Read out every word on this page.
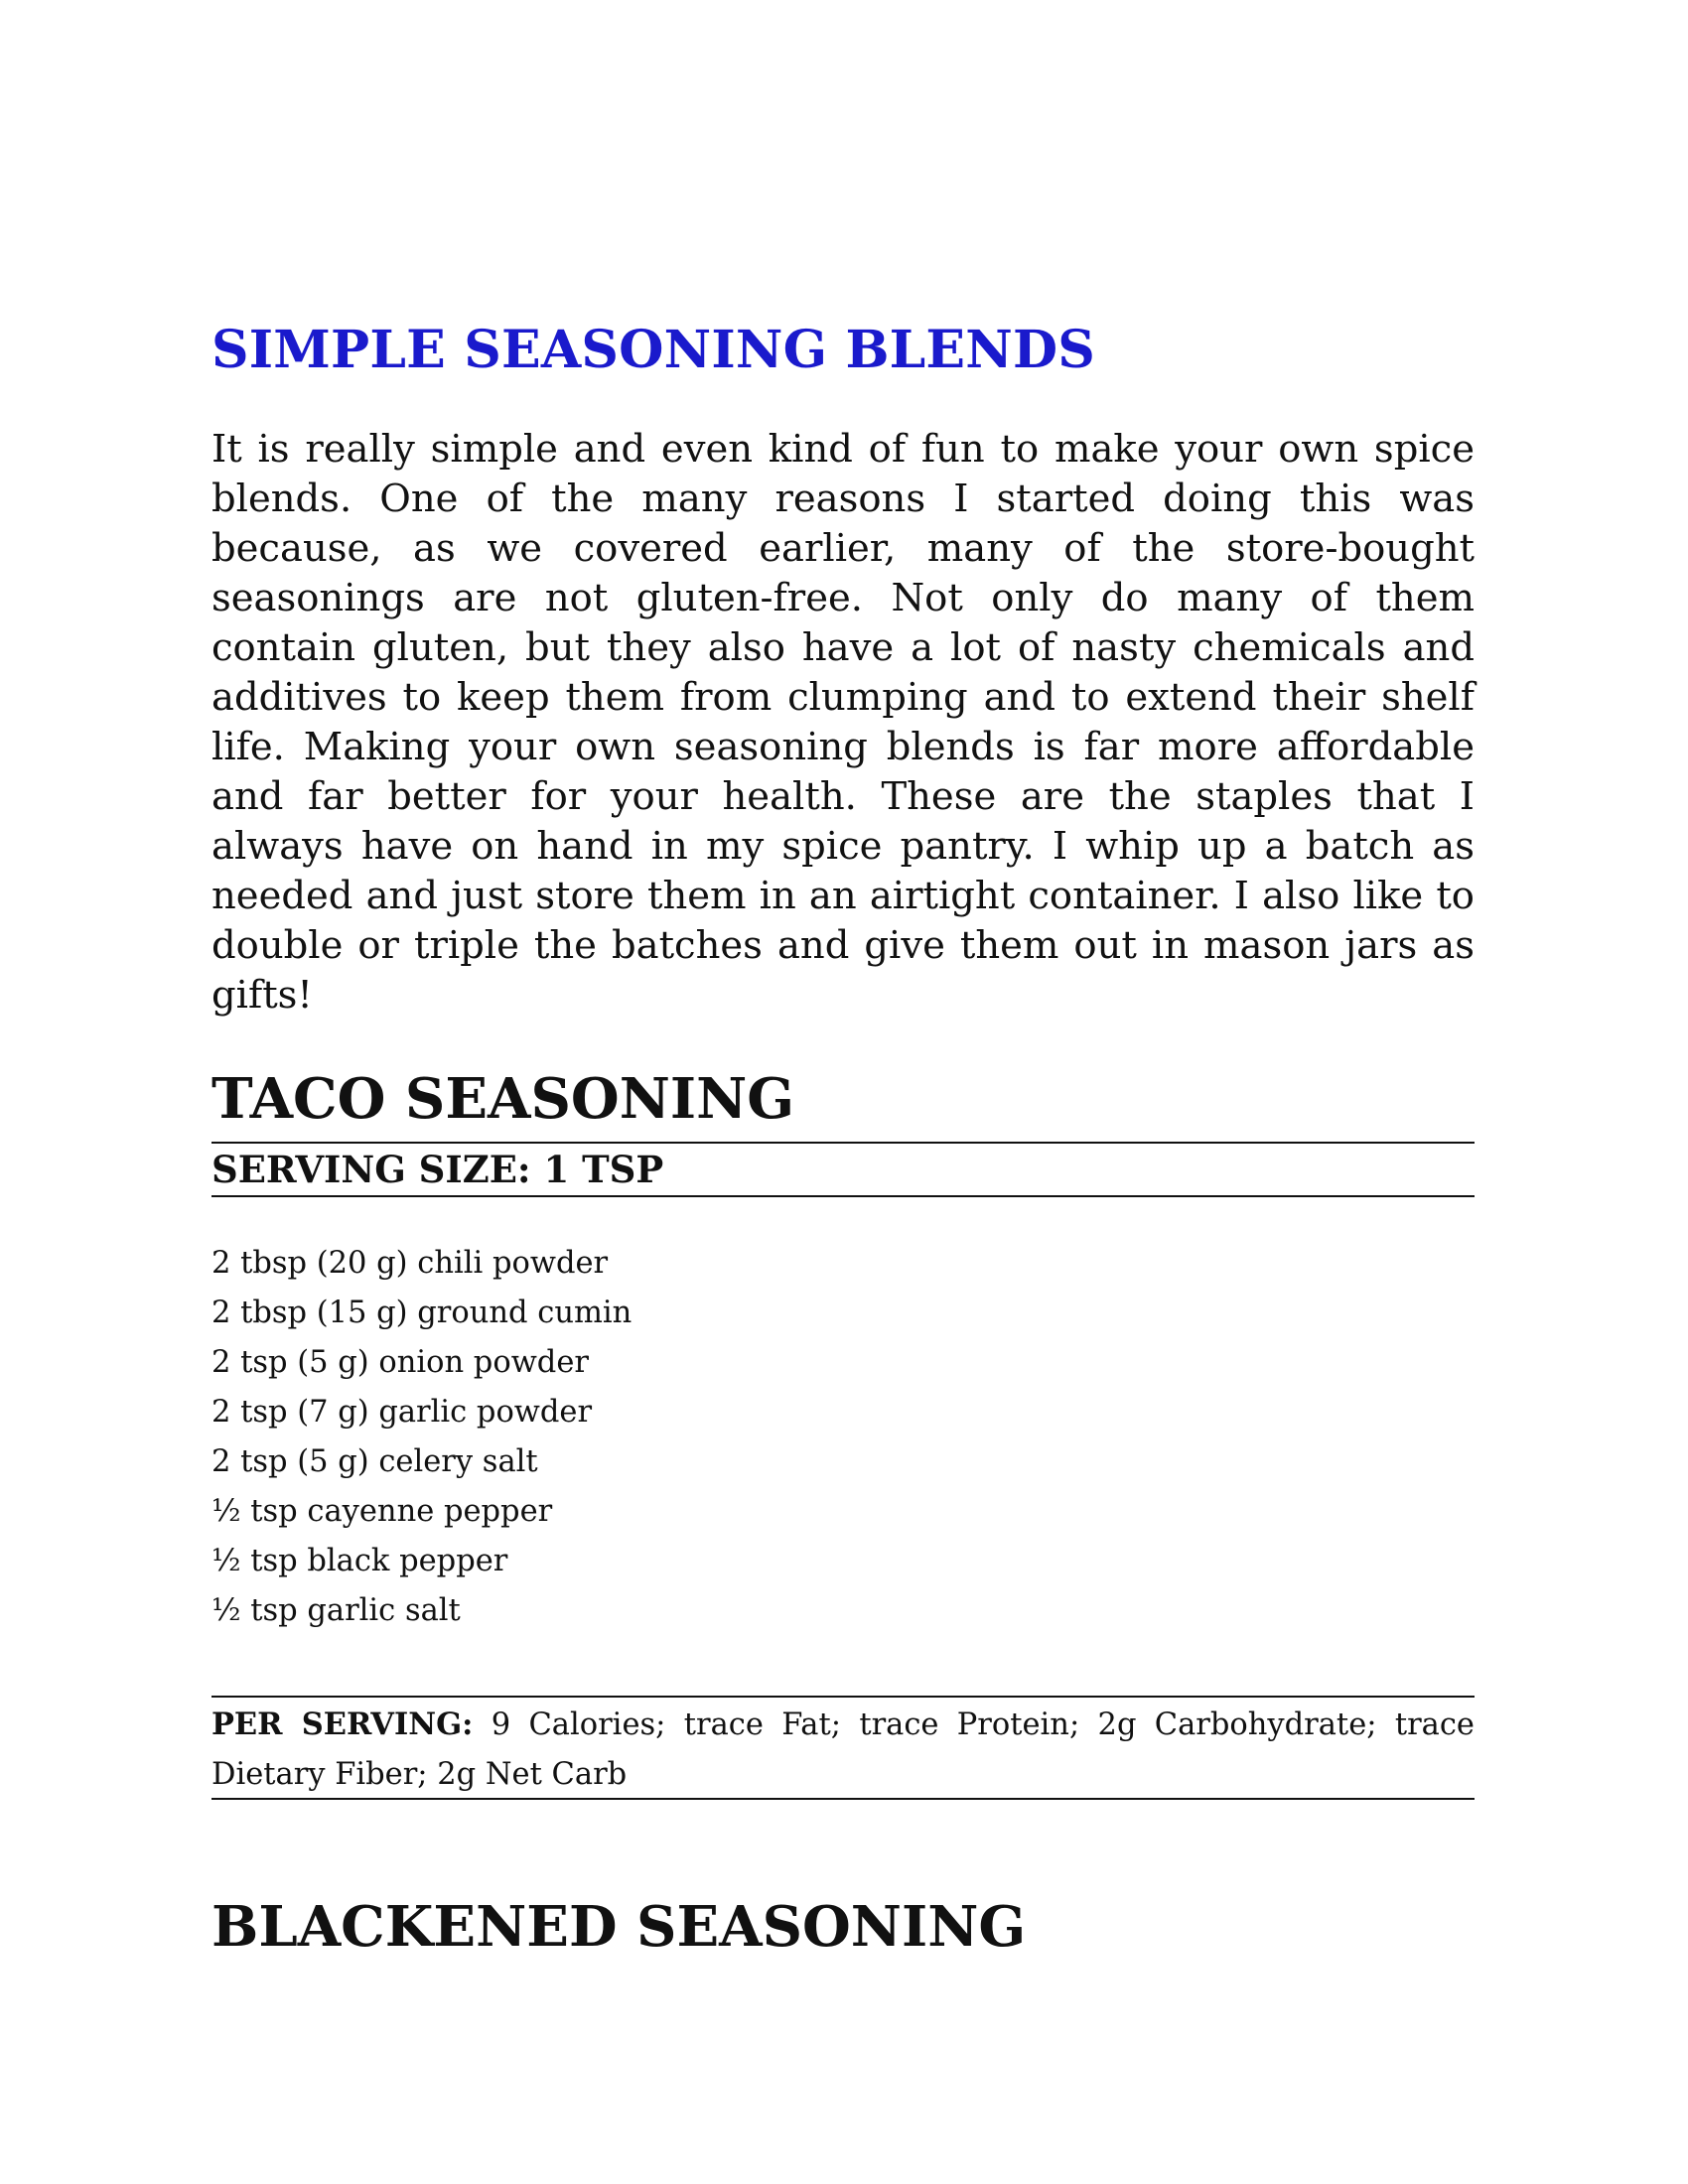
SIMPLE SEASONING BLENDS

It is really simple and even kind of fun to make your own spice blends. One of the many reasons I started doing this was because, as we covered earlier, many of the store-bought seasonings are not gluten-free. Not only do many of them contain gluten, but they also have a lot of nasty chemicals and additives to keep them from clumping and to extend their shelf life. Making your own seasoning blends is far more affordable and far better for your health. These are the staples that I always have on hand in my spice pantry. I whip up a batch as needed and just store them in an airtight container. I also like to double or triple the batches and give them out in mason jars as gifts!

TACO SEASONING
SERVING SIZE: 1 TSP
2 tbsp (20 g) chili powder
2 tbsp (15 g) ground cumin
2 tsp (5 g) onion powder
2 tsp (7 g) garlic powder
2 tsp (5 g) celery salt
½ tsp cayenne pepper
½ tsp black pepper
½ tsp garlic salt

PER SERVING: 9 Calories; trace Fat; trace Protein; 2g Carbohydrate; trace Dietary Fiber; 2g Net Carb

BLACKENED SEASONING
